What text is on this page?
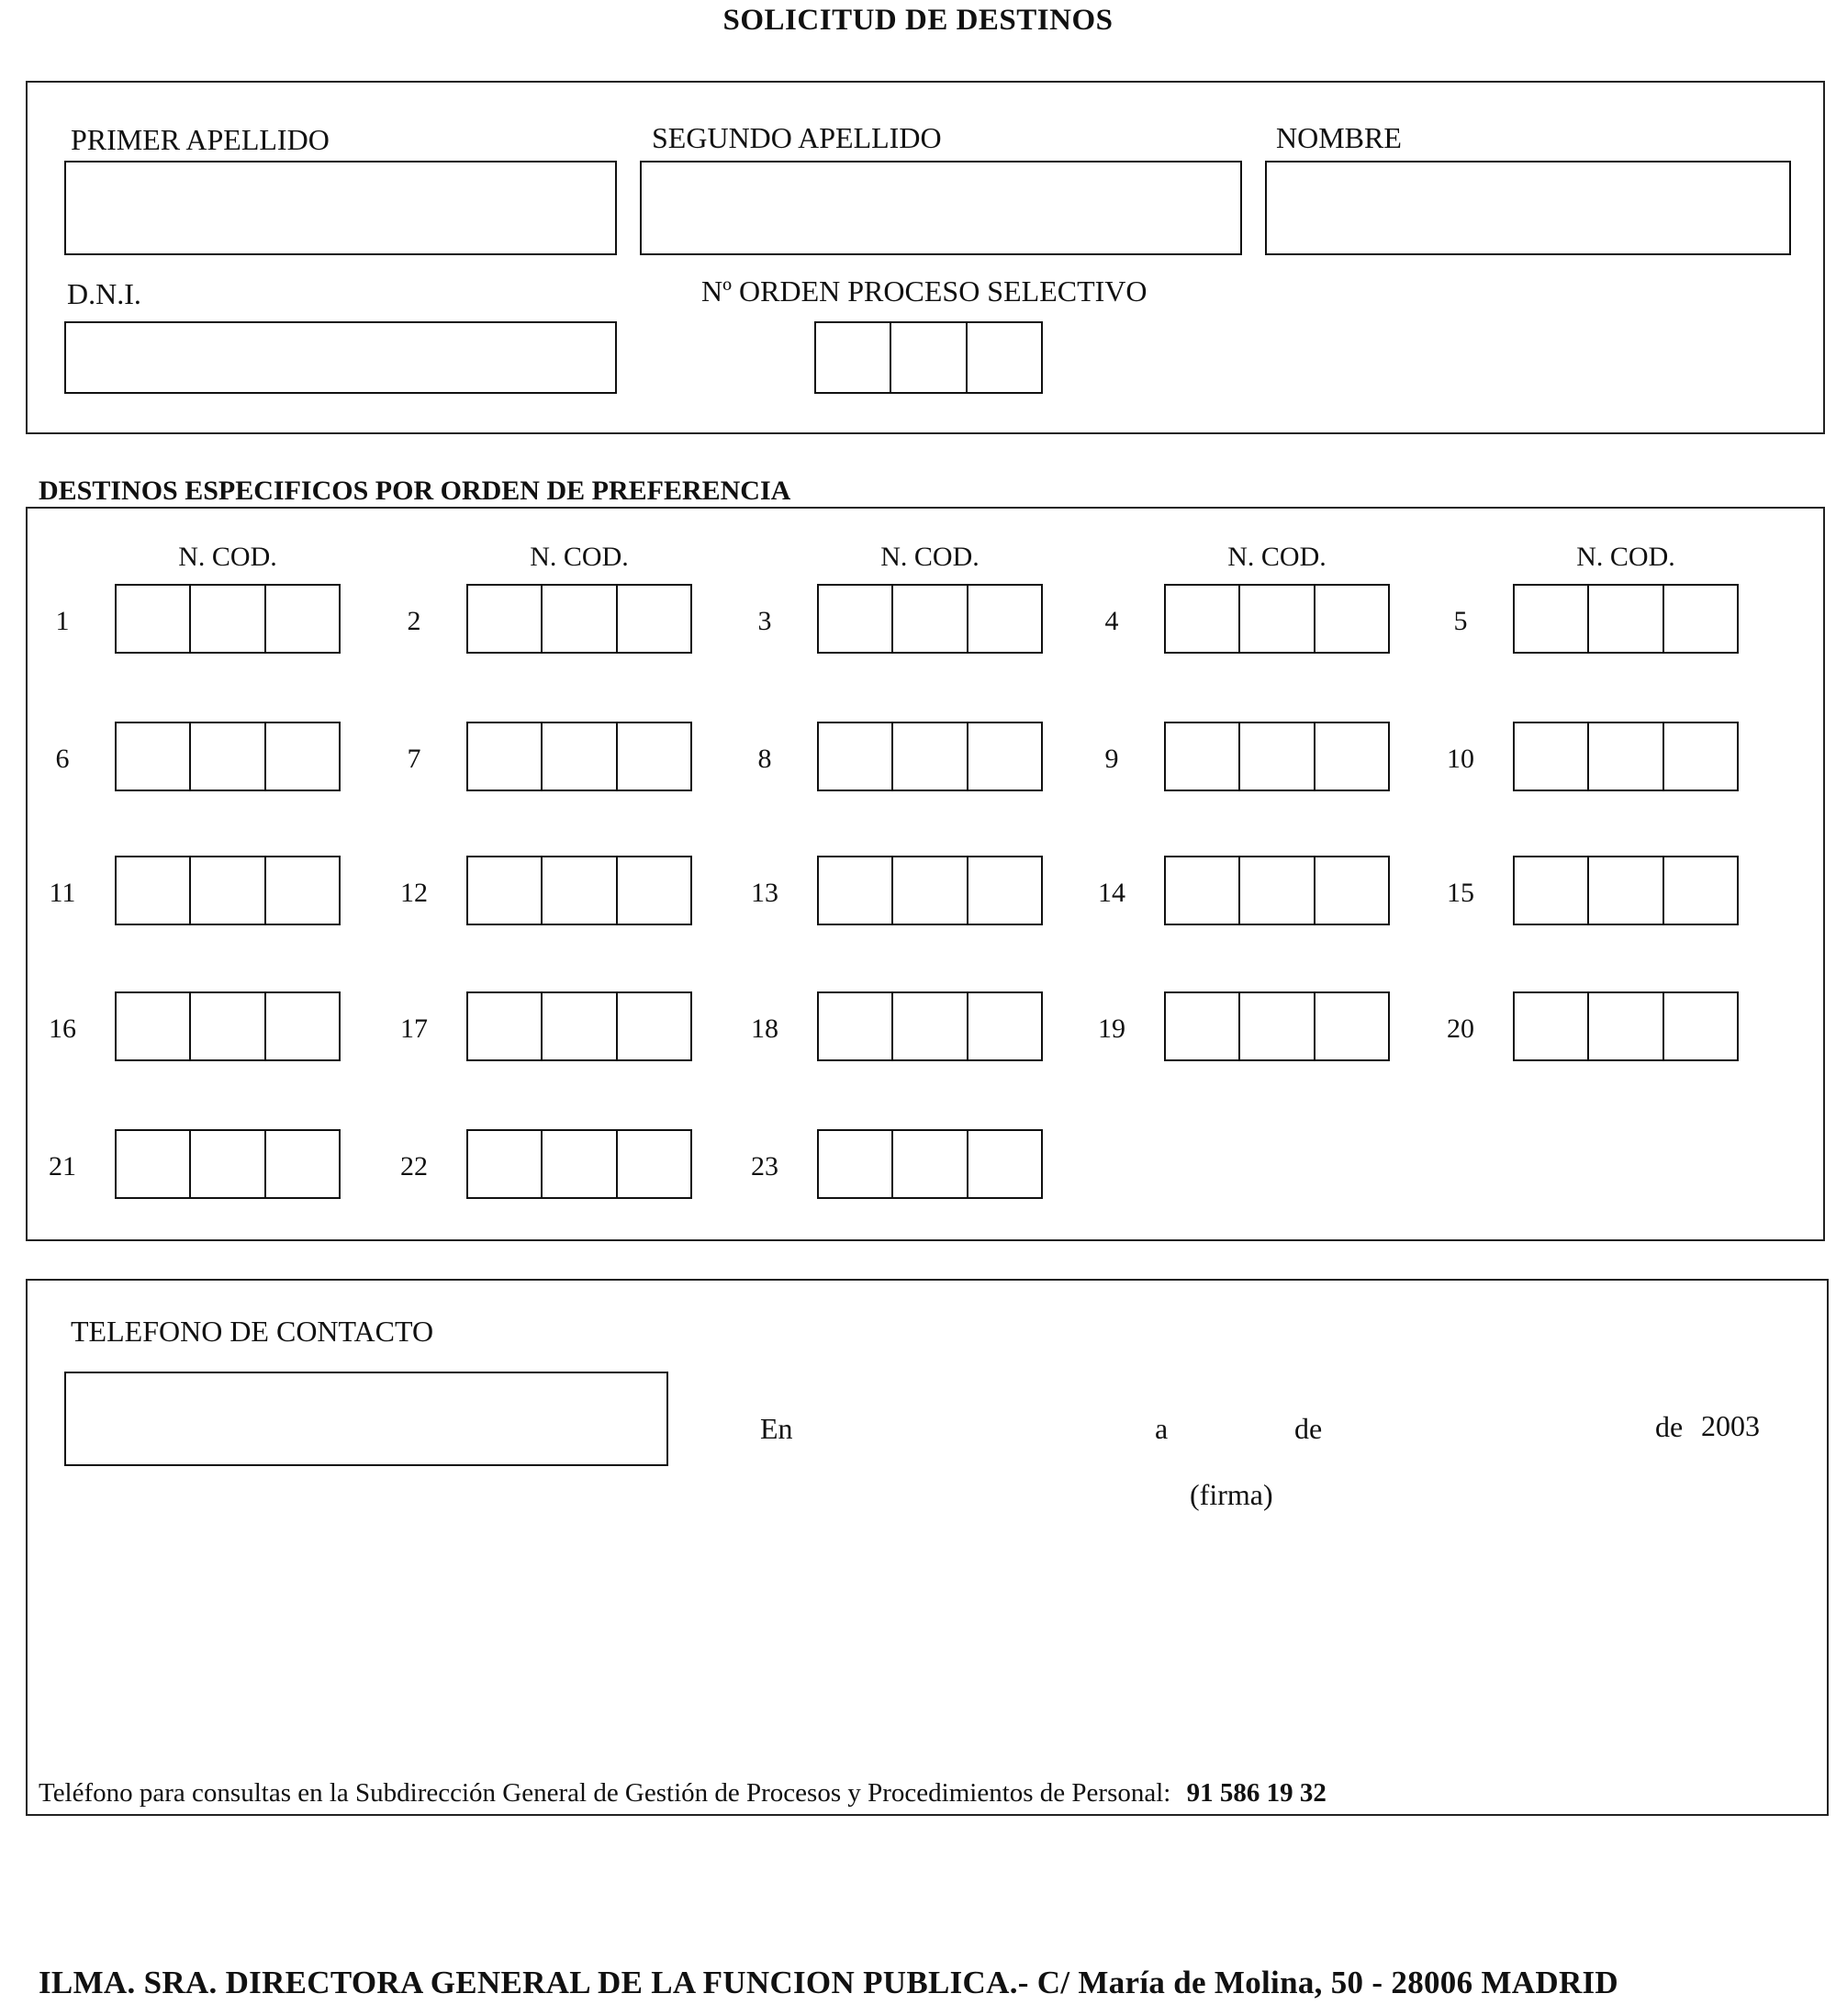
SOLICITUD DE DESTINOS
PRIMER APELLIDO	SEGUNDO APELLIDO	NOMBRE
D.N.I.	Nº ORDEN PROCESO SELECTIVO
DESTINOS ESPECIFICOS POR ORDEN DE PREFERENCIA
N. COD.	N. COD.	N. COD.	N. COD.	N. COD.
1	2	3	4	5
6	7	8	9	10
11	12	13	14	15
16	17	18	19	20
21	22	23
TELEFONO DE CONTACTO
En	a	de	de 2003
(firma)
Teléfono para consultas en la Subdirección General de Gestión de Procesos y Procedimientos de Personal: 91 586 19 32
ILMA. SRA. DIRECTORA GENERAL DE LA FUNCION PUBLICA.- C/ María de Molina, 50 - 28006 MADRID
